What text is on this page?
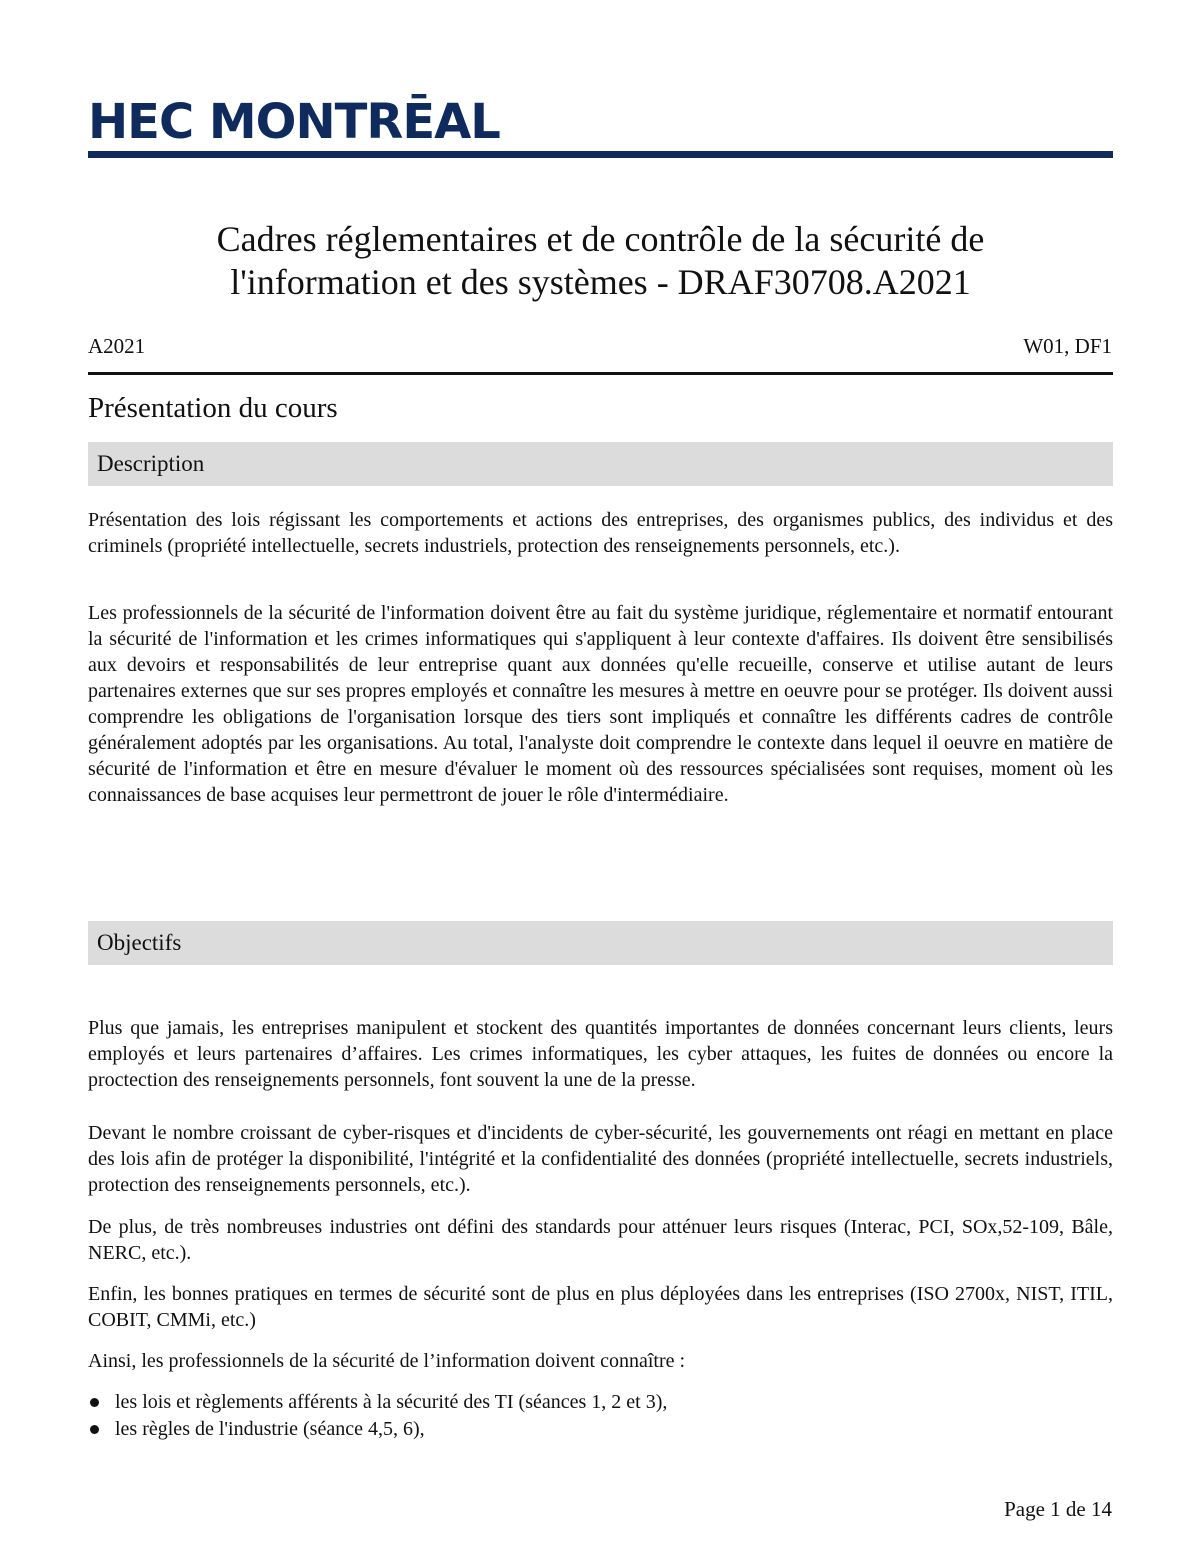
HEC MONTRĒAL
Cadres réglementaires et de contrôle de la sécurité de
l'information et des systèmes - DRAF30708.A2021
A2021	W01, DF1
Présentation du cours
Description

Présentation des lois régissant les comportements et actions des entreprises, des organismes publics, des individus et des criminels (propriété intellectuelle, secrets industriels, protection des renseignements personnels, etc.).

Les professionnels de la sécurité de l'information doivent être au fait du système juridique, réglementaire et normatif entourant la sécurité de l'information et les crimes informatiques qui s'appliquent à leur contexte d'affaires. Ils doivent être sensibilisés aux devoirs et responsabilités de leur entreprise quant aux données qu'elle recueille, conserve et utilise autant de leurs partenaires externes que sur ses propres employés et connaître les mesures à mettre en oeuvre pour se protéger. Ils doivent aussi comprendre les obligations de l'organisation lorsque des tiers sont impliqués et connaître les différents cadres de contrôle généralement adoptés par les organisations. Au total, l'analyste doit comprendre le contexte dans lequel il oeuvre en matière de sécurité de l'information et être en mesure d'évaluer le moment où des ressources spécialisées sont requises, moment où les connaissances de base acquises leur permettront de jouer le rôle d'intermédiaire.

Objectifs

Plus que jamais, les entreprises manipulent et stockent des quantités importantes de données concernant leurs clients, leurs employés et leurs partenaires d’affaires. Les crimes informatiques, les cyber attaques, les fuites de données ou encore la proctection des renseignements personnels, font souvent la une de la presse.

Devant le nombre croissant de cyber-risques et d'incidents de cyber-sécurité, les gouvernements ont réagi en mettant en place des lois afin de protéger la disponibilité, l'intégrité et la confidentialité des données (propriété intellectuelle, secrets industriels, protection des renseignements personnels, etc.).

De plus, de très nombreuses industries ont défini des standards pour atténuer leurs risques (Interac, PCI, SOx,52-109, Bâle, NERC, etc.).

Enfin, les bonnes pratiques en termes de sécurité sont de plus en plus déployées dans les entreprises (ISO 2700x, NIST, ITIL, COBIT, CMMi, etc.)

Ainsi, les professionnels de la sécurité de l’information doivent connaître :

les lois et règlements afférents à la sécurité des TI (séances 1, 2 et 3),
les règles de l'industrie (séance 4,5, 6),
Page 1 de 14
